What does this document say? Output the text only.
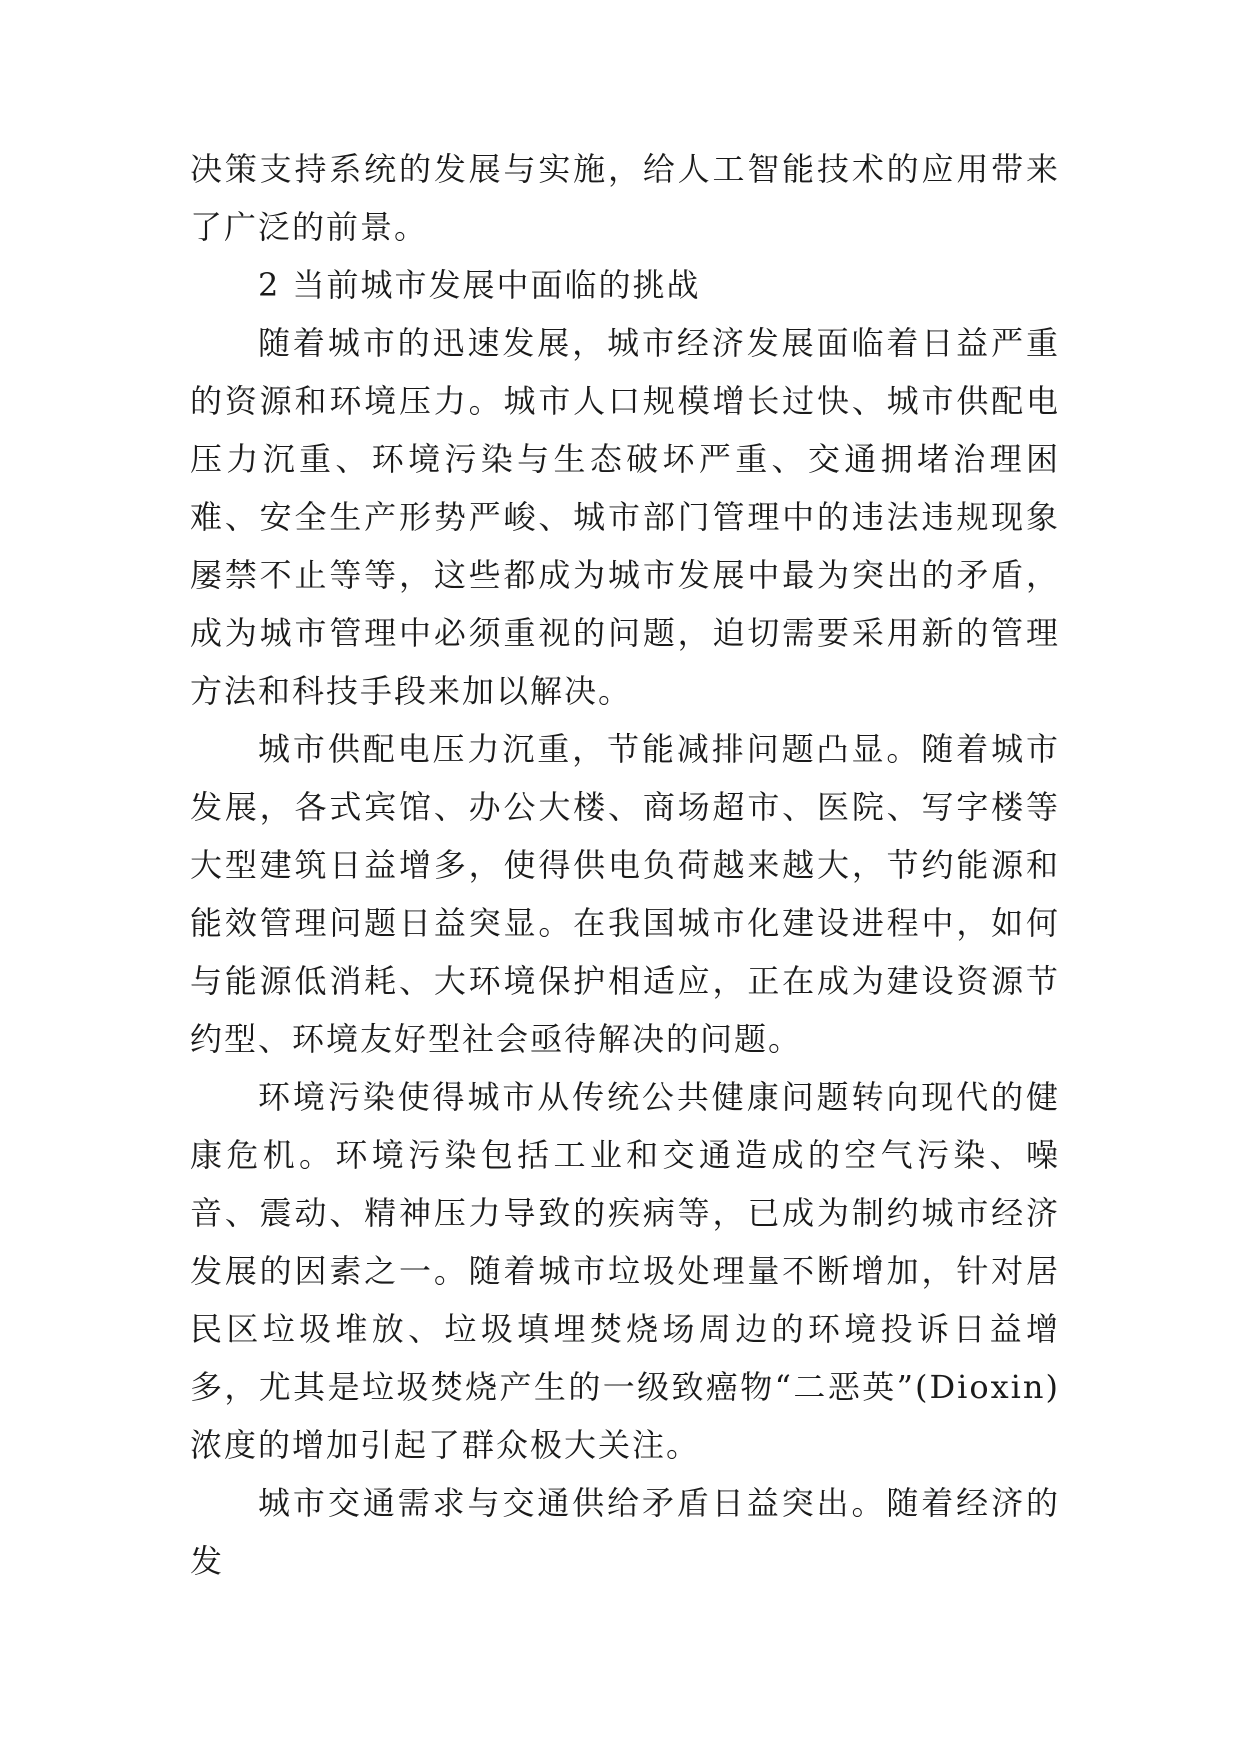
决策支持系统的发展与实施，给人工智能技术的应用带来了广泛的前景。

2 当前城市发展中面临的挑战

随着城市的迅速发展，城市经济发展面临着日益严重的资源和环境压力。城市人口规模增长过快、城市供配电压力沉重、环境污染与生态破坏严重、交通拥堵治理困难、安全生产形势严峻、城市部门管理中的违法违规现象屡禁不止等等，这些都成为城市发展中最为突出的矛盾，成为城市管理中必须重视的问题，迫切需要采用新的管理方法和科技手段来加以解决。

城市供配电压力沉重，节能减排问题凸显。随着城市发展，各式宾馆、办公大楼、商场超市、医院、写字楼等大型建筑日益增多，使得供电负荷越来越大，节约能源和能效管理问题日益突显。在我国城市化建设进程中，如何与能源低消耗、大环境保护相适应，正在成为建设资源节约型、环境友好型社会亟待解决的问题。

环境污染使得城市从传统公共健康问题转向现代的健康危机。环境污染包括工业和交通造成的空气污染、噪音、震动、精神压力导致的疾病等，已成为制约城市经济发展的因素之一。随着城市垃圾处理量不断增加，针对居民区垃圾堆放、垃圾填埋焚烧场周边的环境投诉日益增多，尤其是垃圾焚烧产生的一级致癌物“二恶英”(Dioxin)浓度的增加引起了群众极大关注。

城市交通需求与交通供给矛盾日益突出。随着经济的发
